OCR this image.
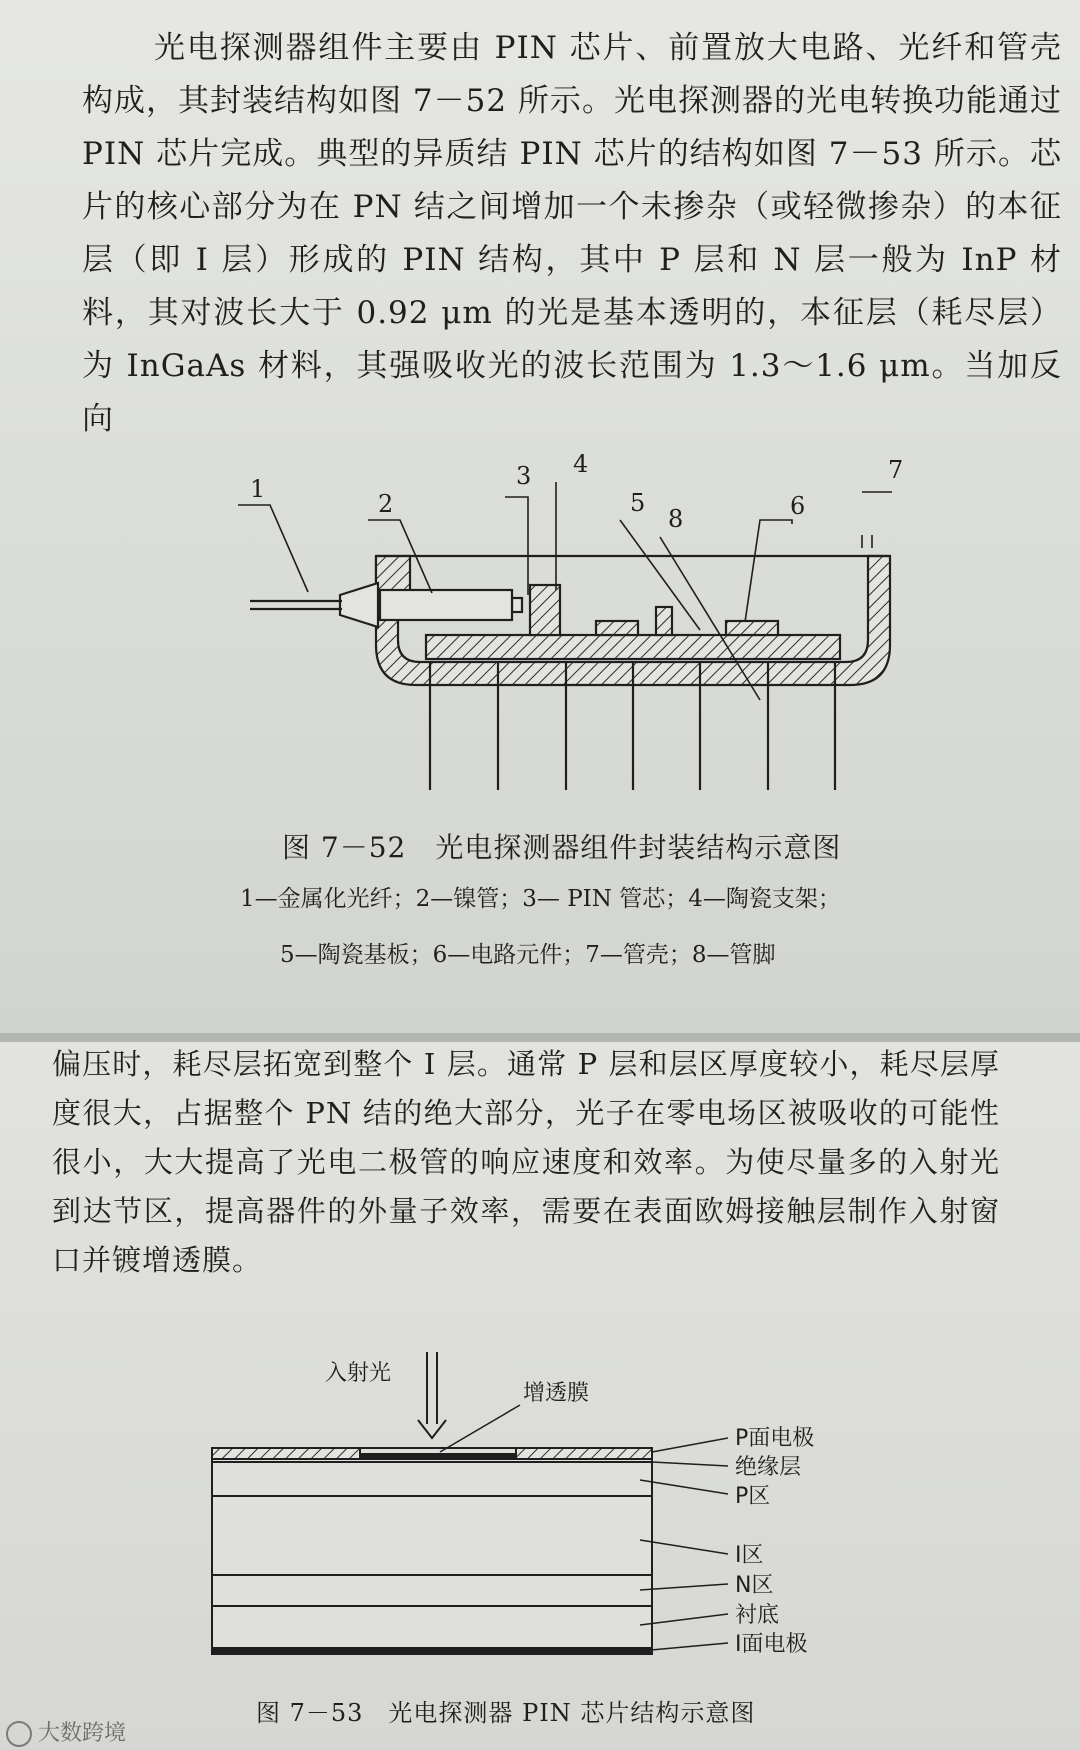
光电探测器组件主要由 PIN 芯片、前置放大电路、光纤和管壳构成，其封装结构如图 7－52 所示。光电探测器的光电转换功能通过 PIN 芯片完成。典型的异质结 PIN 芯片的结构如图 7－53 所示。芯片的核心部分为在 PN 结之间增加一个未掺杂（或轻微掺杂）的本征层（即 I 层）形成的 PIN 结构，其中 P 层和 N 层一般为 InP 材料，其对波长大于 0.92 μm 的光是基本透明的，本征层（耗尽层）为 InGaAs 材料，其强吸收光的波长范围为 1.3～1.6 μm。当加反向

1
2
3 4
5
8	6
7
入射光
增透膜
P面电极
绝缘层
P区
I区
N区
衬底
I面电极

图 7－52　光电探测器组件封装结构示意图

1—金属化光纤；2—镍管；3— PIN 管芯；4—陶瓷支架；

5—陶瓷基板；6—电路元件；7—管壳；8—管脚

偏压时，耗尽层拓宽到整个 I 层。通常 P 层和层区厚度较小，耗尽层厚度很大，占据整个 PN 结的绝大部分，光子在零电场区被吸收的可能性很小，大大提高了光电二极管的响应速度和效率。为使尽量多的入射光到达节区，提高器件的外量子效率，需要在表面欧姆接触层制作入射窗口并镀增透膜。

图 7－53　光电探测器 PIN 芯片结构示意图

大数跨境
